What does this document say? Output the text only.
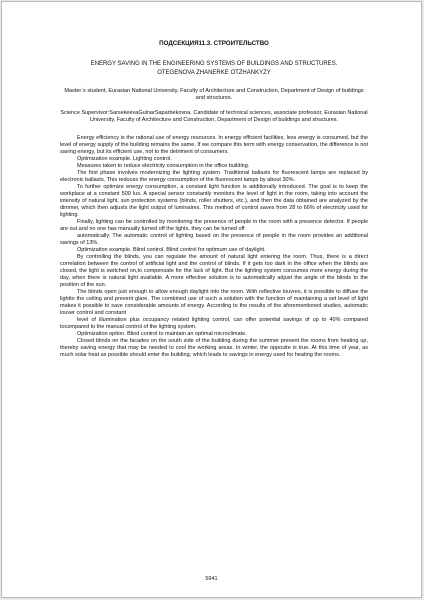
ПОДСЕКЦИЯ11.3. СТРОИТЕЛЬСТВО
ENERGY SAVING IN THE ENGINEERING SYSTEMS OF BUILDINGS AND STRUCTURES.
OTEGENOVA ZHANERKE OTZHANKYZY
Master`s student, Eurasian National University, Faculty of Architecture and Construction, Department of Design of buildings and structures.
Science Supervisor:SarsekeevaGulnarSaparbekovna. Candidate of technical sciences, associate professor, Eurasian National University, Faculty of Architecture and Construction, Department of Design of buildings and structures.

Energy efficiency is the rational use of energy resources. In energy efficient facilities, less energy is consumed, but the level of energy supply of the building remains the same. If we compare this term with energy conservation, the difference is not saving energy, but its efficient use, not to the detriment of consumers.

Optimization example. Lighting control.

Measures taken to reduce electricity consumption in the office building.

The first phase involves modernizing the lighting system. Traditional ballasts for fluorescent lamps are replaced by electronic ballasts. This reduces the energy consumption of the fluorescent lamps by about 30%.

To further optimize energy consumption, a constant light function is additionally introduced. The goal is to keep the workplace at a constant 500 lux. A special sensor constantly monitors the level of light in the room, taking into account the intensity of natural light, sun protection systems (blinds, roller shutters, etc.), and then the data obtained are analyzed by the dimmer, which then adjusts the light output of luminaires. This method of control saves from 28 to 66% of electricity used for lighting.

Finally, lighting can be controlled by monitoring the presence of people in the room with a presence detector. If people are out and no one has manually turned off the lights, they can be turned off

automatically. The automatic control of lighting based on the presence of people in the room provides an additional savings of 13%.

Optimization example. Blind control. Blind control for optimum use of daylight.

By controlling the blinds, you can regulate the amount of natural light entering the room. Thus, there is a direct correlation between the control of artificial light and the control of blinds. If it gets too dark in the office when the blinds are closed, the light is switched on,to compensate for the lack of light. But the lighting system consumes more energy during the day, when there is natural light available. A more effective solution is to automatically adjust the angle of the blinds to the position of the sun.

The blinds open just enough to allow enough daylight into the room. With reflective louvres, it is possible to diffuse the lightto the ceiling and prevent glare. The combined use of such a solution with the function of maintaining a set level of light makes it possible to save considerable amounts of energy. According to the results of the aforementioned studies, automatic louver control and constant

level of illumination plus occupancy related lighting control, can offer potential savings of up to 40% compared tocompared to the manual control of the lighting system.

Optimization option. Blind control to maintain an optimal microclimate.

Closed blinds on the facades on the south side of the building during the summer prevent the rooms from heating up, thereby saving energy that may be needed to cool the working areas. In winter, the opposite is true. At this time of year, as much solar heat as possible should enter the building, which leads to savings in energy used for heating the rooms.

5941
